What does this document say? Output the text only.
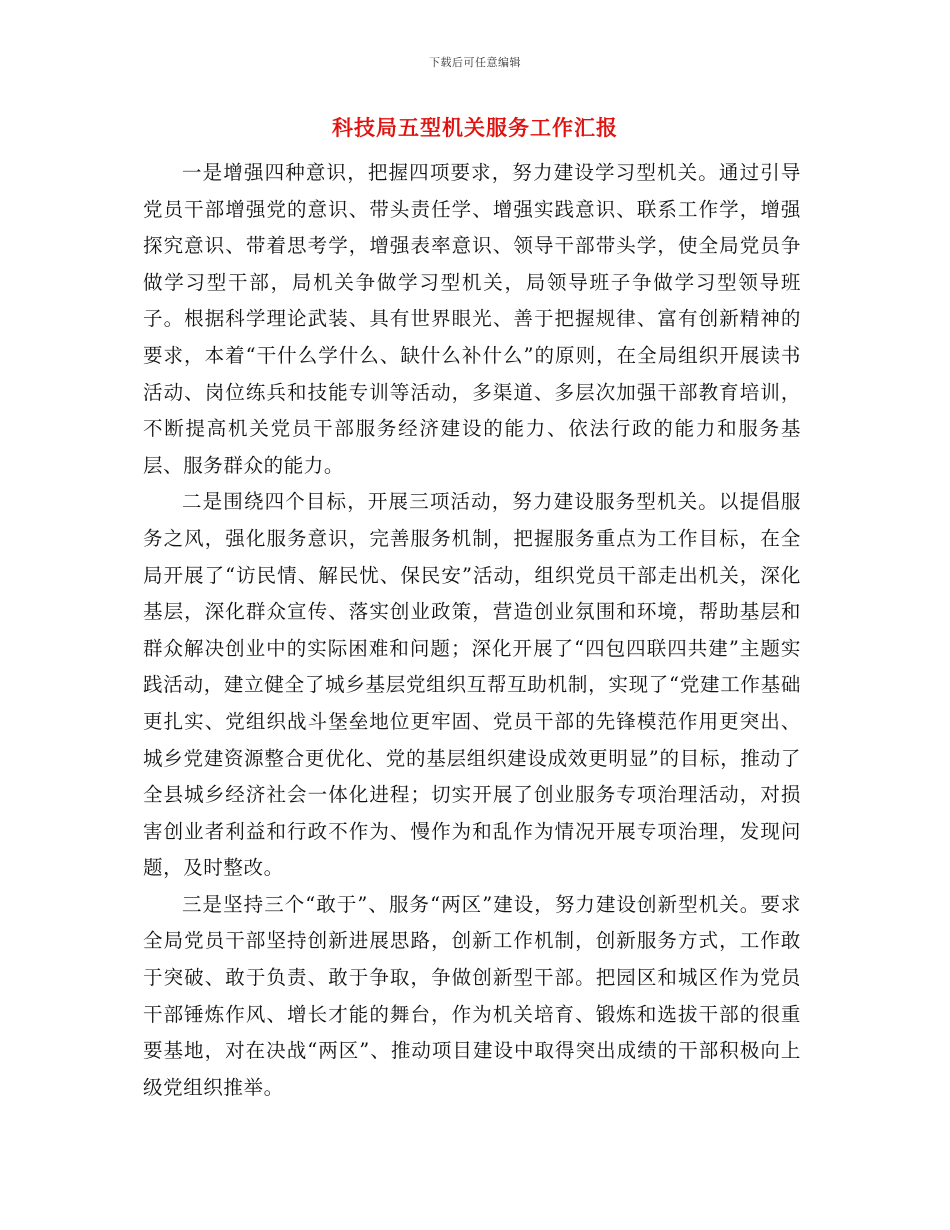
下载后可任意编辑
科技局五型机关服务工作汇报

一是增强四种意识，把握四项要求，努力建设学习型机关。通过引导党员干部增强党的意识、带头责任学、增强实践意识、联系工作学，增强探究意识、带着思考学，增强表率意识、领导干部带头学，使全局党员争做学习型干部，局机关争做学习型机关，局领导班子争做学习型领导班子。根据科学理论武装、具有世界眼光、善于把握规律、富有创新精神的要求，本着“干什么学什么、缺什么补什么”的原则，在全局组织开展读书活动、岗位练兵和技能专训等活动，多渠道、多层次加强干部教育培训，不断提高机关党员干部服务经济建设的能力、依法行政的能力和服务基层、服务群众的能力。

二是围绕四个目标，开展三项活动，努力建设服务型机关。以提倡服务之风，强化服务意识，完善服务机制，把握服务重点为工作目标，在全局开展了“访民情、解民忧、保民安”活动，组织党员干部走出机关，深化基层，深化群众宣传、落实创业政策，营造创业氛围和环境，帮助基层和群众解决创业中的实际困难和问题；深化开展了“四包四联四共建”主题实践活动，建立健全了城乡基层党组织互帮互助机制，实现了“党建工作基础更扎实、党组织战斗堡垒地位更牢固、党员干部的先锋模范作用更突出、城乡党建资源整合更优化、党的基层组织建设成效更明显”的目标，推动了全县城乡经济社会一体化进程；切实开展了创业服务专项治理活动，对损害创业者利益和行政不作为、慢作为和乱作为情况开展专项治理，发现问题，及时整改。

三是坚持三个“敢于”、服务“两区”建设，努力建设创新型机关。要求全局党员干部坚持创新进展思路，创新工作机制，创新服务方式，工作敢于突破、敢于负责、敢于争取，争做创新型干部。把园区和城区作为党员干部锤炼作风、增长才能的舞台，作为机关培育、锻炼和选拔干部的很重要基地，对在决战“两区”、推动项目建设中取得突出成绩的干部积极向上级党组织推举。
